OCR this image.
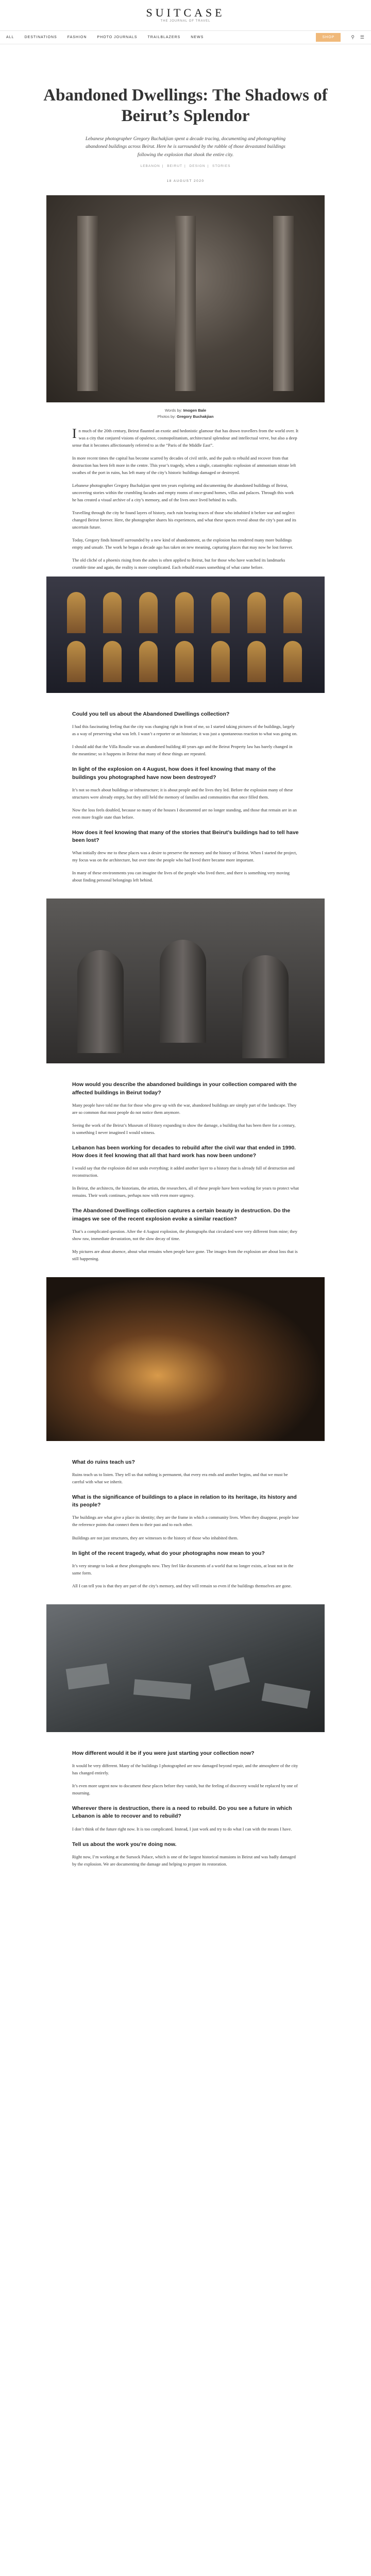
SUITCASE
THE JOURNAL OF TRAVEL
ALL	DESTINATIONS	FASHION	PHOTO JOURNALS	TRAILBLAZERS	NEWS	SHOP	⚲ ☰
Abandoned Dwellings: The Shadows of Beirut’s Splendor

Lebanese photographer Gregory Buchakjian spent a decade tracing, documenting and photographing abandoned buildings across Beirut. Here he is surrounded by the rubble of those devastated buildings following the explosion that shook the entire city.

LEBANON | BEIRUT | DESIGN | STORIES
18 AUGUST 2020
Words by: Imogen Bale
Photos by: Gregory Buchakjian

In much of the 20th century, Beirut flaunted an exotic and hedonistic glamour that has drawn travellers from the world over. It was a city that conjured visions of opulence, cosmopolitanism, architectural splendour and intellectual verve, but also a deep sense that it becomes affectionately referred to as the “Paris of the Middle East”.

In more recent times the capital has become scarred by decades of civil strife, and the push to rebuild and recover from that destruction has been felt more in the centre. This year’s tragedy, when a single, catastrophic explosion of ammonium nitrate left swathes of the port in ruins, has left many of the city’s historic buildings damaged or destroyed.

Lebanese photographer Gregory Buchakjian spent ten years exploring and documenting the abandoned buildings of Beirut, uncovering stories within the crumbling facades and empty rooms of once-grand homes, villas and palaces. Through this work he has created a visual archive of a city’s memory, and of the lives once lived behind its walls.

Travelling through the city he found layers of history, each ruin bearing traces of those who inhabited it before war and neglect changed Beirut forever. Here, the photographer shares his experiences, and what these spaces reveal about the city’s past and its uncertain future.

Today, Gregory finds himself surrounded by a new kind of abandonment, as the explosion has rendered many more buildings empty and unsafe. The work he began a decade ago has taken on new meaning, capturing places that may now be lost forever.

The old cliché of a phoenix rising from the ashes is often applied to Beirut, but for those who have watched its landmarks crumble time and again, the reality is more complicated. Each rebuild erases something of what came before.

Could you tell us about the Abandoned Dwellings collection?

I had this fascinating feeling that the city was changing right in front of me, so I started taking pictures of the buildings, largely as a way of preserving what was left. I wasn’t a reporter or an historian; it was just a spontaneous reaction to what was going on.

I should add that the Villa Rosalie was an abandoned building 40 years ago and the Beirut Property law has barely changed in the meantime; so it happens in Beirut that many of these things are repeated.

In light of the explosion on 4 August, how does it feel knowing that many of the buildings you photographed have now been destroyed?

It’s not so much about buildings or infrastructure; it is about people and the lives they led. Before the explosion many of these structures were already empty, but they still held the memory of families and communities that once filled them.

Now the loss feels doubled, because so many of the houses I documented are no longer standing, and those that remain are in an even more fragile state than before.

How does it feel knowing that many of the stories that Beirut’s buildings had to tell have been lost?

What initially drew me to these places was a desire to preserve the memory and the history of Beirut. When I started the project, my focus was on the architecture, but over time the people who had lived there became more important.

In many of these environments you can imagine the lives of the people who lived there, and there is something very moving about finding personal belongings left behind.

How would you describe the abandoned buildings in your collection compared with the affected buildings in Beirut today?

Many people have told me that for those who grew up with the war, abandoned buildings are simply part of the landscape. They are so common that most people do not notice them anymore.

Seeing the work of the Beirut’s Museum of History expanding to show the damage, a building that has been there for a century, is something I never imagined I would witness.

Lebanon has been working for decades to rebuild after the civil war that ended in 1990. How does it feel knowing that all that hard work has now been undone?

I would say that the explosion did not undo everything; it added another layer to a history that is already full of destruction and reconstruction.

In Beirut, the architects, the historians, the artists, the researchers, all of these people have been working for years to protect what remains. Their work continues, perhaps now with even more urgency.

The Abandoned Dwellings collection captures a certain beauty in destruction. Do the images we see of the recent explosion evoke a similar reaction?

That’s a complicated question. After the 4 August explosion, the photographs that circulated were very different from mine; they show raw, immediate devastation, not the slow decay of time.

My pictures are about absence, about what remains when people have gone. The images from the explosion are about loss that is still happening.

What do ruins teach us?

Ruins teach us to listen. They tell us that nothing is permanent, that every era ends and another begins, and that we must be careful with what we inherit.

What is the significance of buildings to a place in relation to its heritage, its history and its people?

The buildings are what give a place its identity; they are the frame in which a community lives. When they disappear, people lose the reference points that connect them to their past and to each other.

Buildings are not just structures, they are witnesses to the history of those who inhabited them.

In light of the recent tragedy, what do your photographs now mean to you?

It’s very strange to look at these photographs now. They feel like documents of a world that no longer exists, at least not in the same form.

All I can tell you is that they are part of the city’s memory, and they will remain so even if the buildings themselves are gone.

How different would it be if you were just starting your collection now?

It would be very different. Many of the buildings I photographed are now damaged beyond repair, and the atmosphere of the city has changed entirely.

It’s even more urgent now to document these places before they vanish, but the feeling of discovery would be replaced by one of mourning.

Wherever there is destruction, there is a need to rebuild. Do you see a future in which Lebanon is able to recover and to rebuild?

I don’t think of the future right now. It is too complicated. Instead, I just work and try to do what I can with the means I have.

Tell us about the work you’re doing now.

Right now, I’m working at the Sursock Palace, which is one of the largest historical mansions in Beirut and was badly damaged by the explosion. We are documenting the damage and helping to prepare its restoration.
